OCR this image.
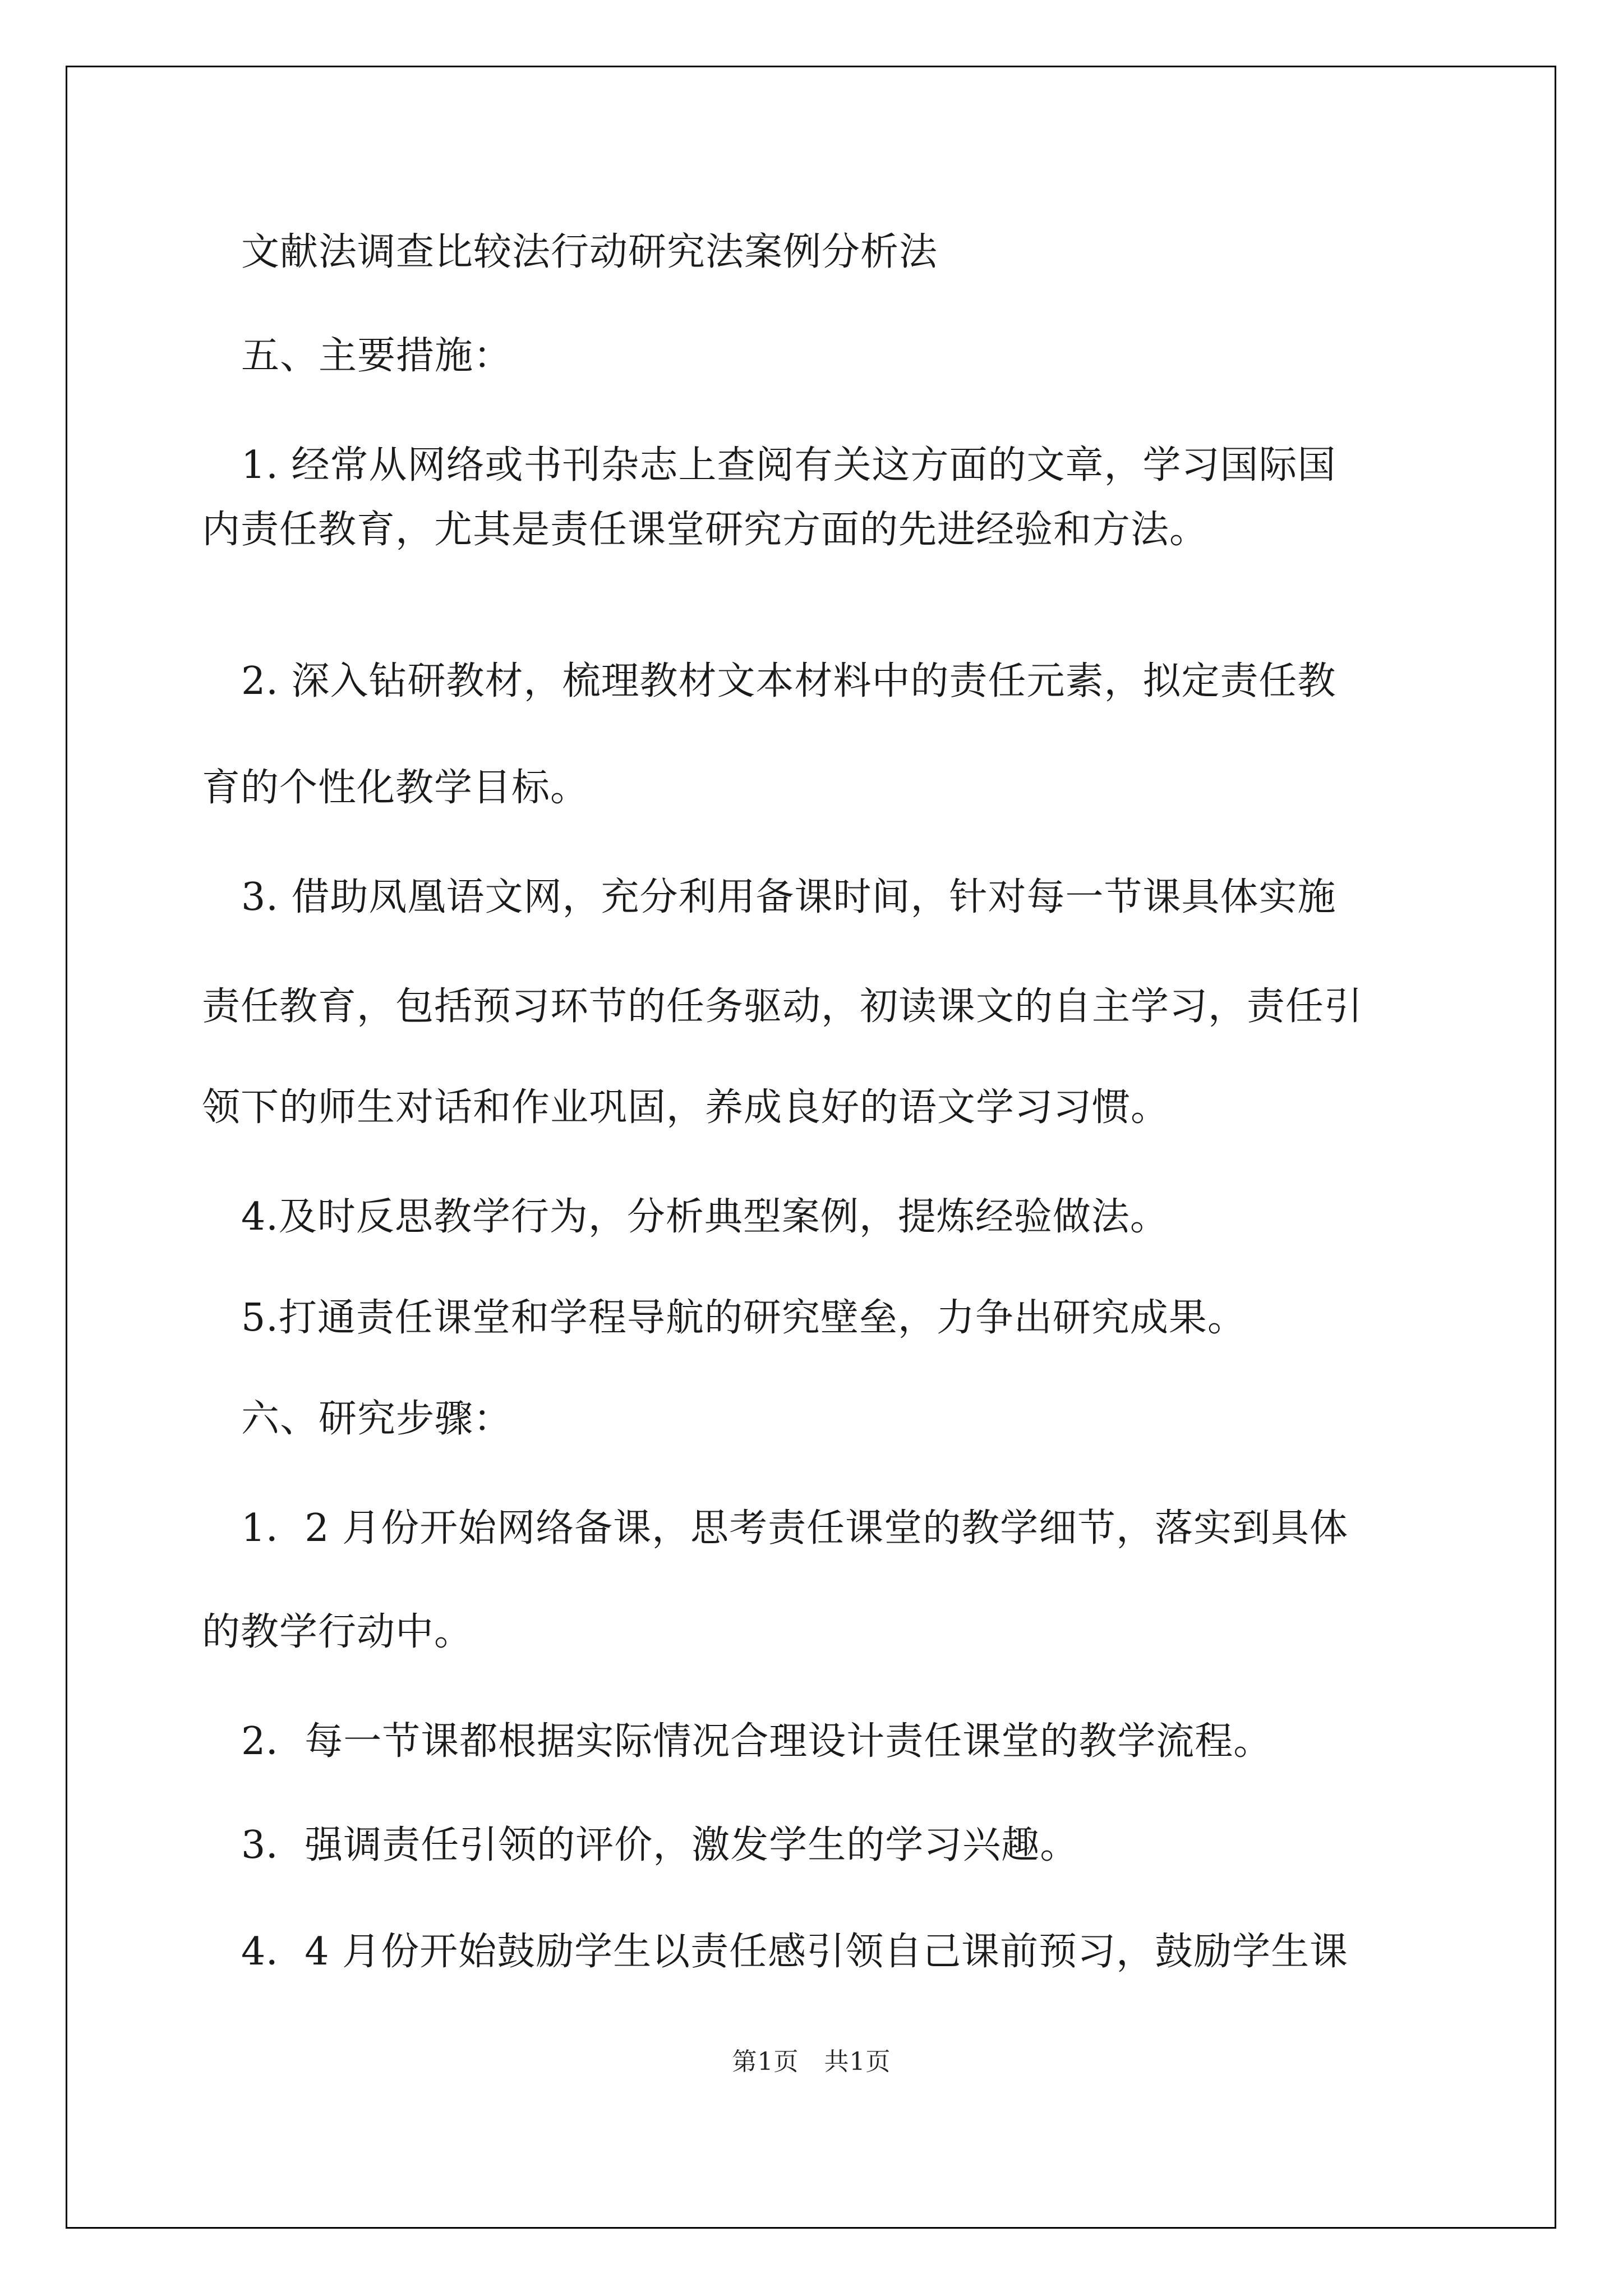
文献法调查比较法行动研究法案例分析法
五、主要措施：
1. 经常从网络或书刊杂志上查阅有关这方面的文章，学习国际国
内责任教育，尤其是责任课堂研究方面的先进经验和方法。
2. 深入钻研教材，梳理教材文本材料中的责任元素，拟定责任教
育的个性化教学目标。
3. 借助凤凰语文网，充分利用备课时间，针对每一节课具体实施
责任教育，包括预习环节的任务驱动，初读课文的自主学习，责任引
领下的师生对话和作业巩固，养成良好的语文学习习惯。
4.及时反思教学行为，分析典型案例，提炼经验做法。
5.打通责任课堂和学程导航的研究壁垒，力争出研究成果。
六、研究步骤：
1．2 月份开始网络备课，思考责任课堂的教学细节，落实到具体
的教学行动中。
2．每一节课都根据实际情况合理设计责任课堂的教学流程。
3．强调责任引领的评价，激发学生的学习兴趣。
4．4 月份开始鼓励学生以责任感引领自己课前预习，鼓励学生课
第1页　共1页
